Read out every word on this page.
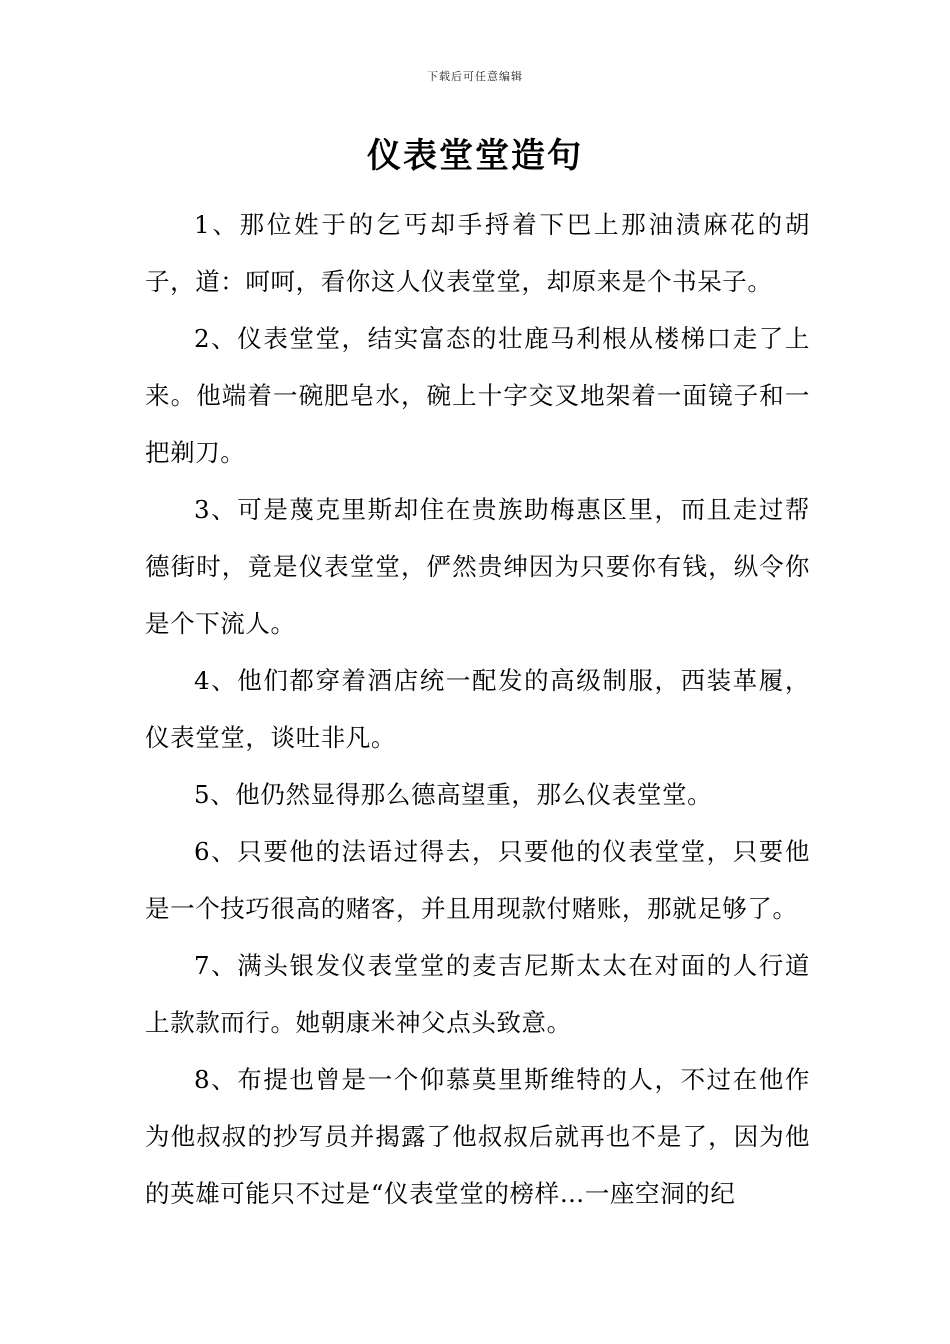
下载后可任意编辑
仪表堂堂造句

1、那位姓于的乞丐却手捋着下巴上那油渍麻花的胡子，道：呵呵，看你这人仪表堂堂，却原来是个书呆子。

2、仪表堂堂，结实富态的壮鹿马利根从楼梯口走了上来。他端着一碗肥皂水，碗上十字交叉地架着一面镜子和一把剃刀。

3、可是蔑克里斯却住在贵族助梅惠区里，而且走过帮德街时，竟是仪表堂堂，俨然贵绅因为只要你有钱，纵令你是个下流人。

4、他们都穿着酒店统一配发的高级制服，西装革履，仪表堂堂，谈吐非凡。

5、他仍然显得那么德高望重，那么仪表堂堂。

6、只要他的法语过得去，只要他的仪表堂堂，只要他是一个技巧很高的赌客，并且用现款付赌账，那就足够了。

7、满头银发仪表堂堂的麦吉尼斯太太在对面的人行道上款款而行。她朝康米神父点头致意。

8、布提也曾是一个仰慕莫里斯维特的人，不过在他作为他叔叔的抄写员并揭露了他叔叔后就再也不是了，因为他的英雄可能只不过是“仪表堂堂的榜样…一座空洞的纪
